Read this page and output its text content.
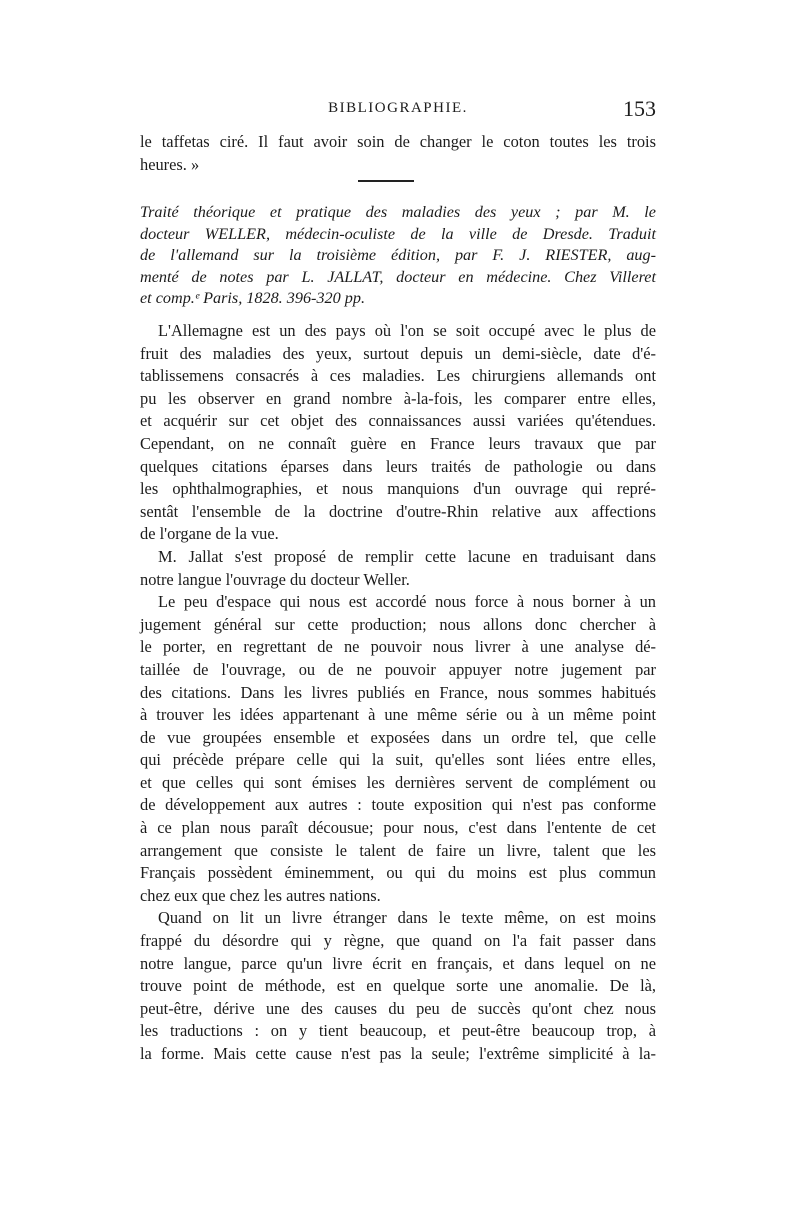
BIBLIOGRAPHIE.	153
le taffetas ciré. Il faut avoir soin de changer le coton toutes les trois
heures. »
Traité théorique et pratique des maladies des yeux ; par M. le
docteur WELLER, médecin-oculiste de la ville de Dresde. Traduit
de l'allemand sur la troisième édition, par F. J. RIESTER, aug-
menté de notes par L. JALLAT, docteur en médecine. Chez Villeret
et comp.ᵉ Paris, 1828. 396-320 pp.
L'Allemagne est un des pays où l'on se soit occupé avec le plus de
fruit des maladies des yeux, surtout depuis un demi-siècle, date d'é-
tablissemens consacrés à ces maladies. Les chirurgiens allemands ont
pu les observer en grand nombre à-la-fois, les comparer entre elles,
et acquérir sur cet objet des connaissances aussi variées qu'étendues.
Cependant, on ne connaît guère en France leurs travaux que par
quelques citations éparses dans leurs traités de pathologie ou dans
les ophthalmographies, et nous manquions d'un ouvrage qui repré-
sentât l'ensemble de la doctrine d'outre-Rhin relative aux affections
de l'organe de la vue.
M. Jallat s'est proposé de remplir cette lacune en traduisant dans
notre langue l'ouvrage du docteur Weller.
Le peu d'espace qui nous est accordé nous force à nous borner à un
jugement général sur cette production; nous allons donc chercher à
le porter, en regrettant de ne pouvoir nous livrer à une analyse dé-
taillée de l'ouvrage, ou de ne pouvoir appuyer notre jugement par
des citations. Dans les livres publiés en France, nous sommes habitués
à trouver les idées appartenant à une même série ou à un même point
de vue groupées ensemble et exposées dans un ordre tel, que celle
qui précède prépare celle qui la suit, qu'elles sont liées entre elles,
et que celles qui sont émises les dernières servent de complément ou
de développement aux autres : toute exposition qui n'est pas conforme
à ce plan nous paraît décousue; pour nous, c'est dans l'entente de cet
arrangement que consiste le talent de faire un livre, talent que les
Français possèdent éminemment, ou qui du moins est plus commun
chez eux que chez les autres nations.
Quand on lit un livre étranger dans le texte même, on est moins
frappé du désordre qui y règne, que quand on l'a fait passer dans
notre langue, parce qu'un livre écrit en français, et dans lequel on ne
trouve point de méthode, est en quelque sorte une anomalie. De là,
peut-être, dérive une des causes du peu de succès qu'ont chez nous
les traductions : on y tient beaucoup, et peut-être beaucoup trop, à
la forme. Mais cette cause n'est pas la seule; l'extrême simplicité à la-
